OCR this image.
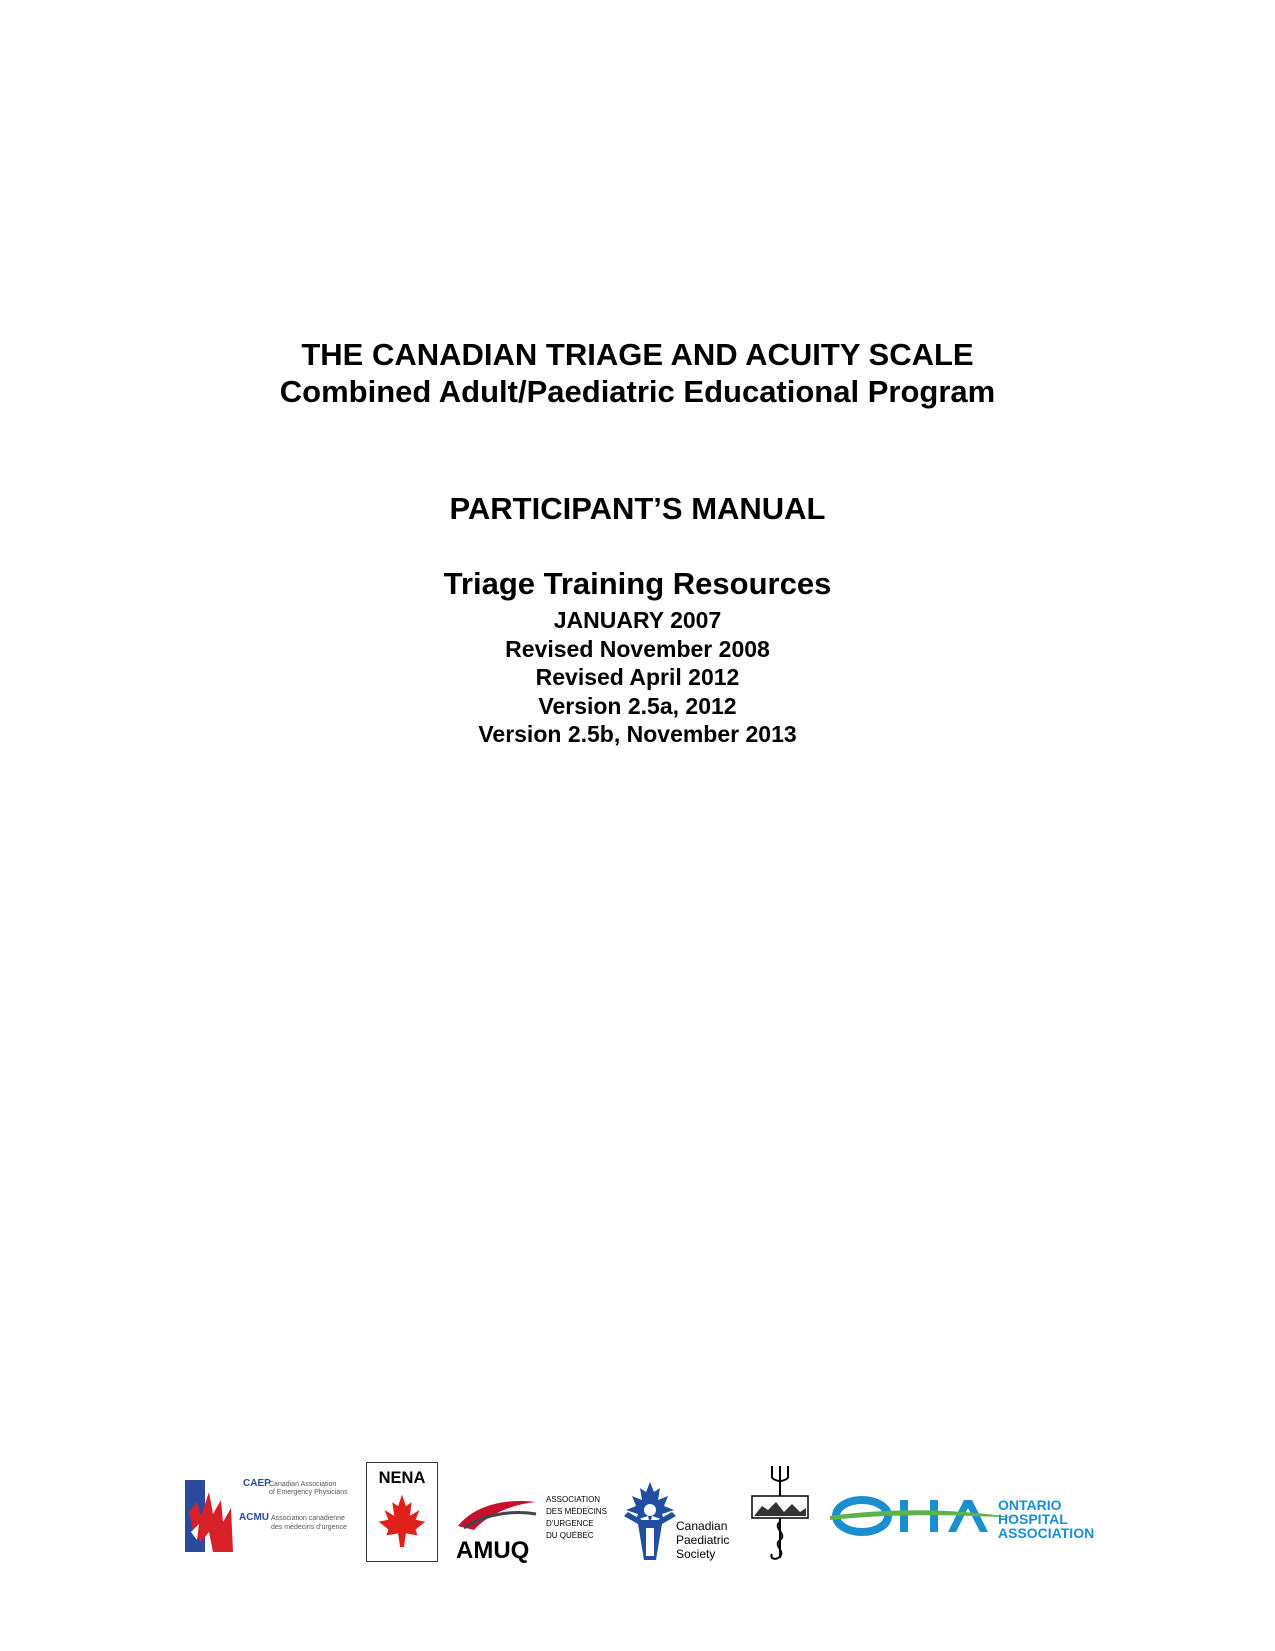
THE CANADIAN TRIAGE AND ACUITY SCALE
Combined Adult/Paediatric Educational Program
PARTICIPANT’S MANUAL
Triage Training Resources
JANUARY 2007
Revised November 2008
Revised April 2012
Version 2.5a, 2012
Version 2.5b, November 2013
CAEP
Canadian Association
of Emergency Physicians
ACMU Association canadienne
des médecins d’urgence
NENA
AMUQ
ASSOCIATION
DES MÉDECINS
D’URGENCE
DU QUÉBEC
Canadian
Paediatric
Society
ONTARIO
HOSPITAL
ASSOCIATION
